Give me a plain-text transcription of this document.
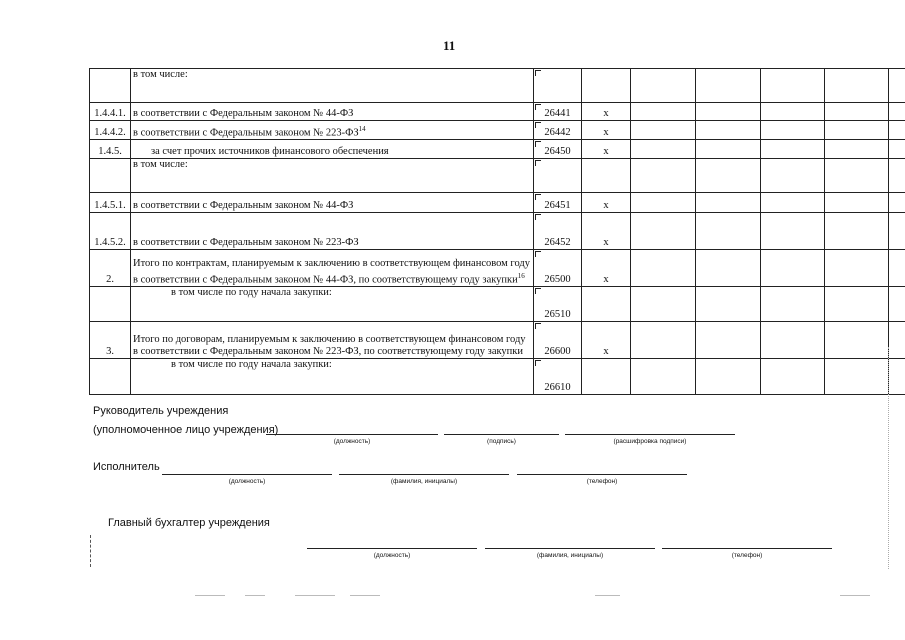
11

	в том числе:							

1.4.4.1.	в соответствии с Федеральным законом № 44-ФЗ	26441	х					
1.4.4.2.	в соответствии с Федеральным законом № 223-ФЗ$^{14}$	26442	х					
1.4.5.	за счет прочих источников финансового обеспечения	26450	х					

	в том числе:							

1.4.5.1.	в соответствии с Федеральным законом № 44-ФЗ	26451	х					
1.4.5.2.	в соответствии с Федеральным законом № 223-ФЗ	26452	х					
2.	Итого по контрактам, планируемым к заключению в соответствующем финансовом году
в соответствии с Федеральным законом № 44-ФЗ, по соответствующему году закупки$^{16}$	26500	х					

	в том числе по году начала закупки:	26510						
3.	Итого по договорам, планируемым к заключению в соответствующем финансовом году
в соответствии с Федеральным законом № 223-ФЗ, по соответствующему году закупки	26600	х					

	в том числе по году начала закупки:	26610						
Руководитель учреждения
(уполномоченное лицо учреждения)
(должность)	(подпись)	(расшифровка подписи)
Исполнитель
(должность)	(фамилия, инициалы)	(телефон)
Главный бухгалтер учреждения
(должность)	(фамилия, инициалы)	(телефон)
